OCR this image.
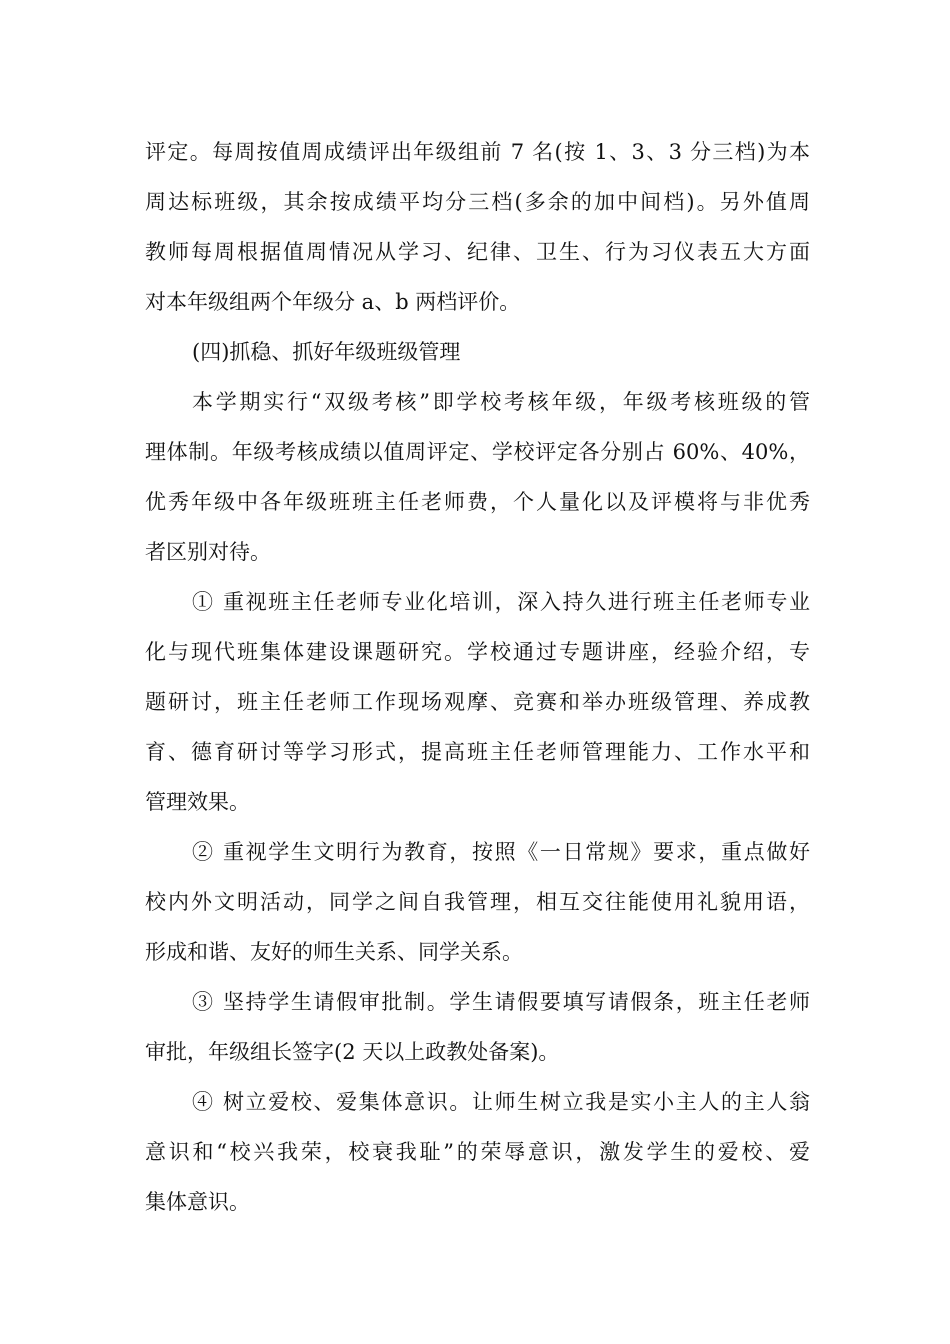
评定。每周按值周成绩评出年级组前 7 名(按 1、3、3 分三档)为本
周达标班级，其余按成绩平均分三档(多余的加中间档)。另外值周
教师每周根据值周情况从学习、纪律、卫生、行为习仪表五大方面
对本年级组两个年级分 a、b 两档评价。
(四)抓稳、抓好年级班级管理
本学期实行“双级考核”即学校考核年级，年级考核班级的管
理体制。年级考核成绩以值周评定、学校评定各分别占 60%、40%，
优秀年级中各年级班班主任老师费，个人量化以及评模将与非优秀
者区别对待。
① 重视班主任老师专业化培训，深入持久进行班主任老师专业
化与现代班集体建设课题研究。学校通过专题讲座，经验介绍，专
题研讨，班主任老师工作现场观摩、竞赛和举办班级管理、养成教
育、德育研讨等学习形式，提高班主任老师管理能力、工作水平和
管理效果。
② 重视学生文明行为教育，按照《一日常规》要求，重点做好
校内外文明活动，同学之间自我管理，相互交往能使用礼貌用语，
形成和谐、友好的师生关系、同学关系。
③ 坚持学生请假审批制。学生请假要填写请假条，班主任老师
审批，年级组长签字(2 天以上政教处备案)。
④ 树立爱校、爱集体意识。让师生树立我是实小主人的主人翁
意识和“校兴我荣，校衰我耻”的荣辱意识，激发学生的爱校、爱
集体意识。
